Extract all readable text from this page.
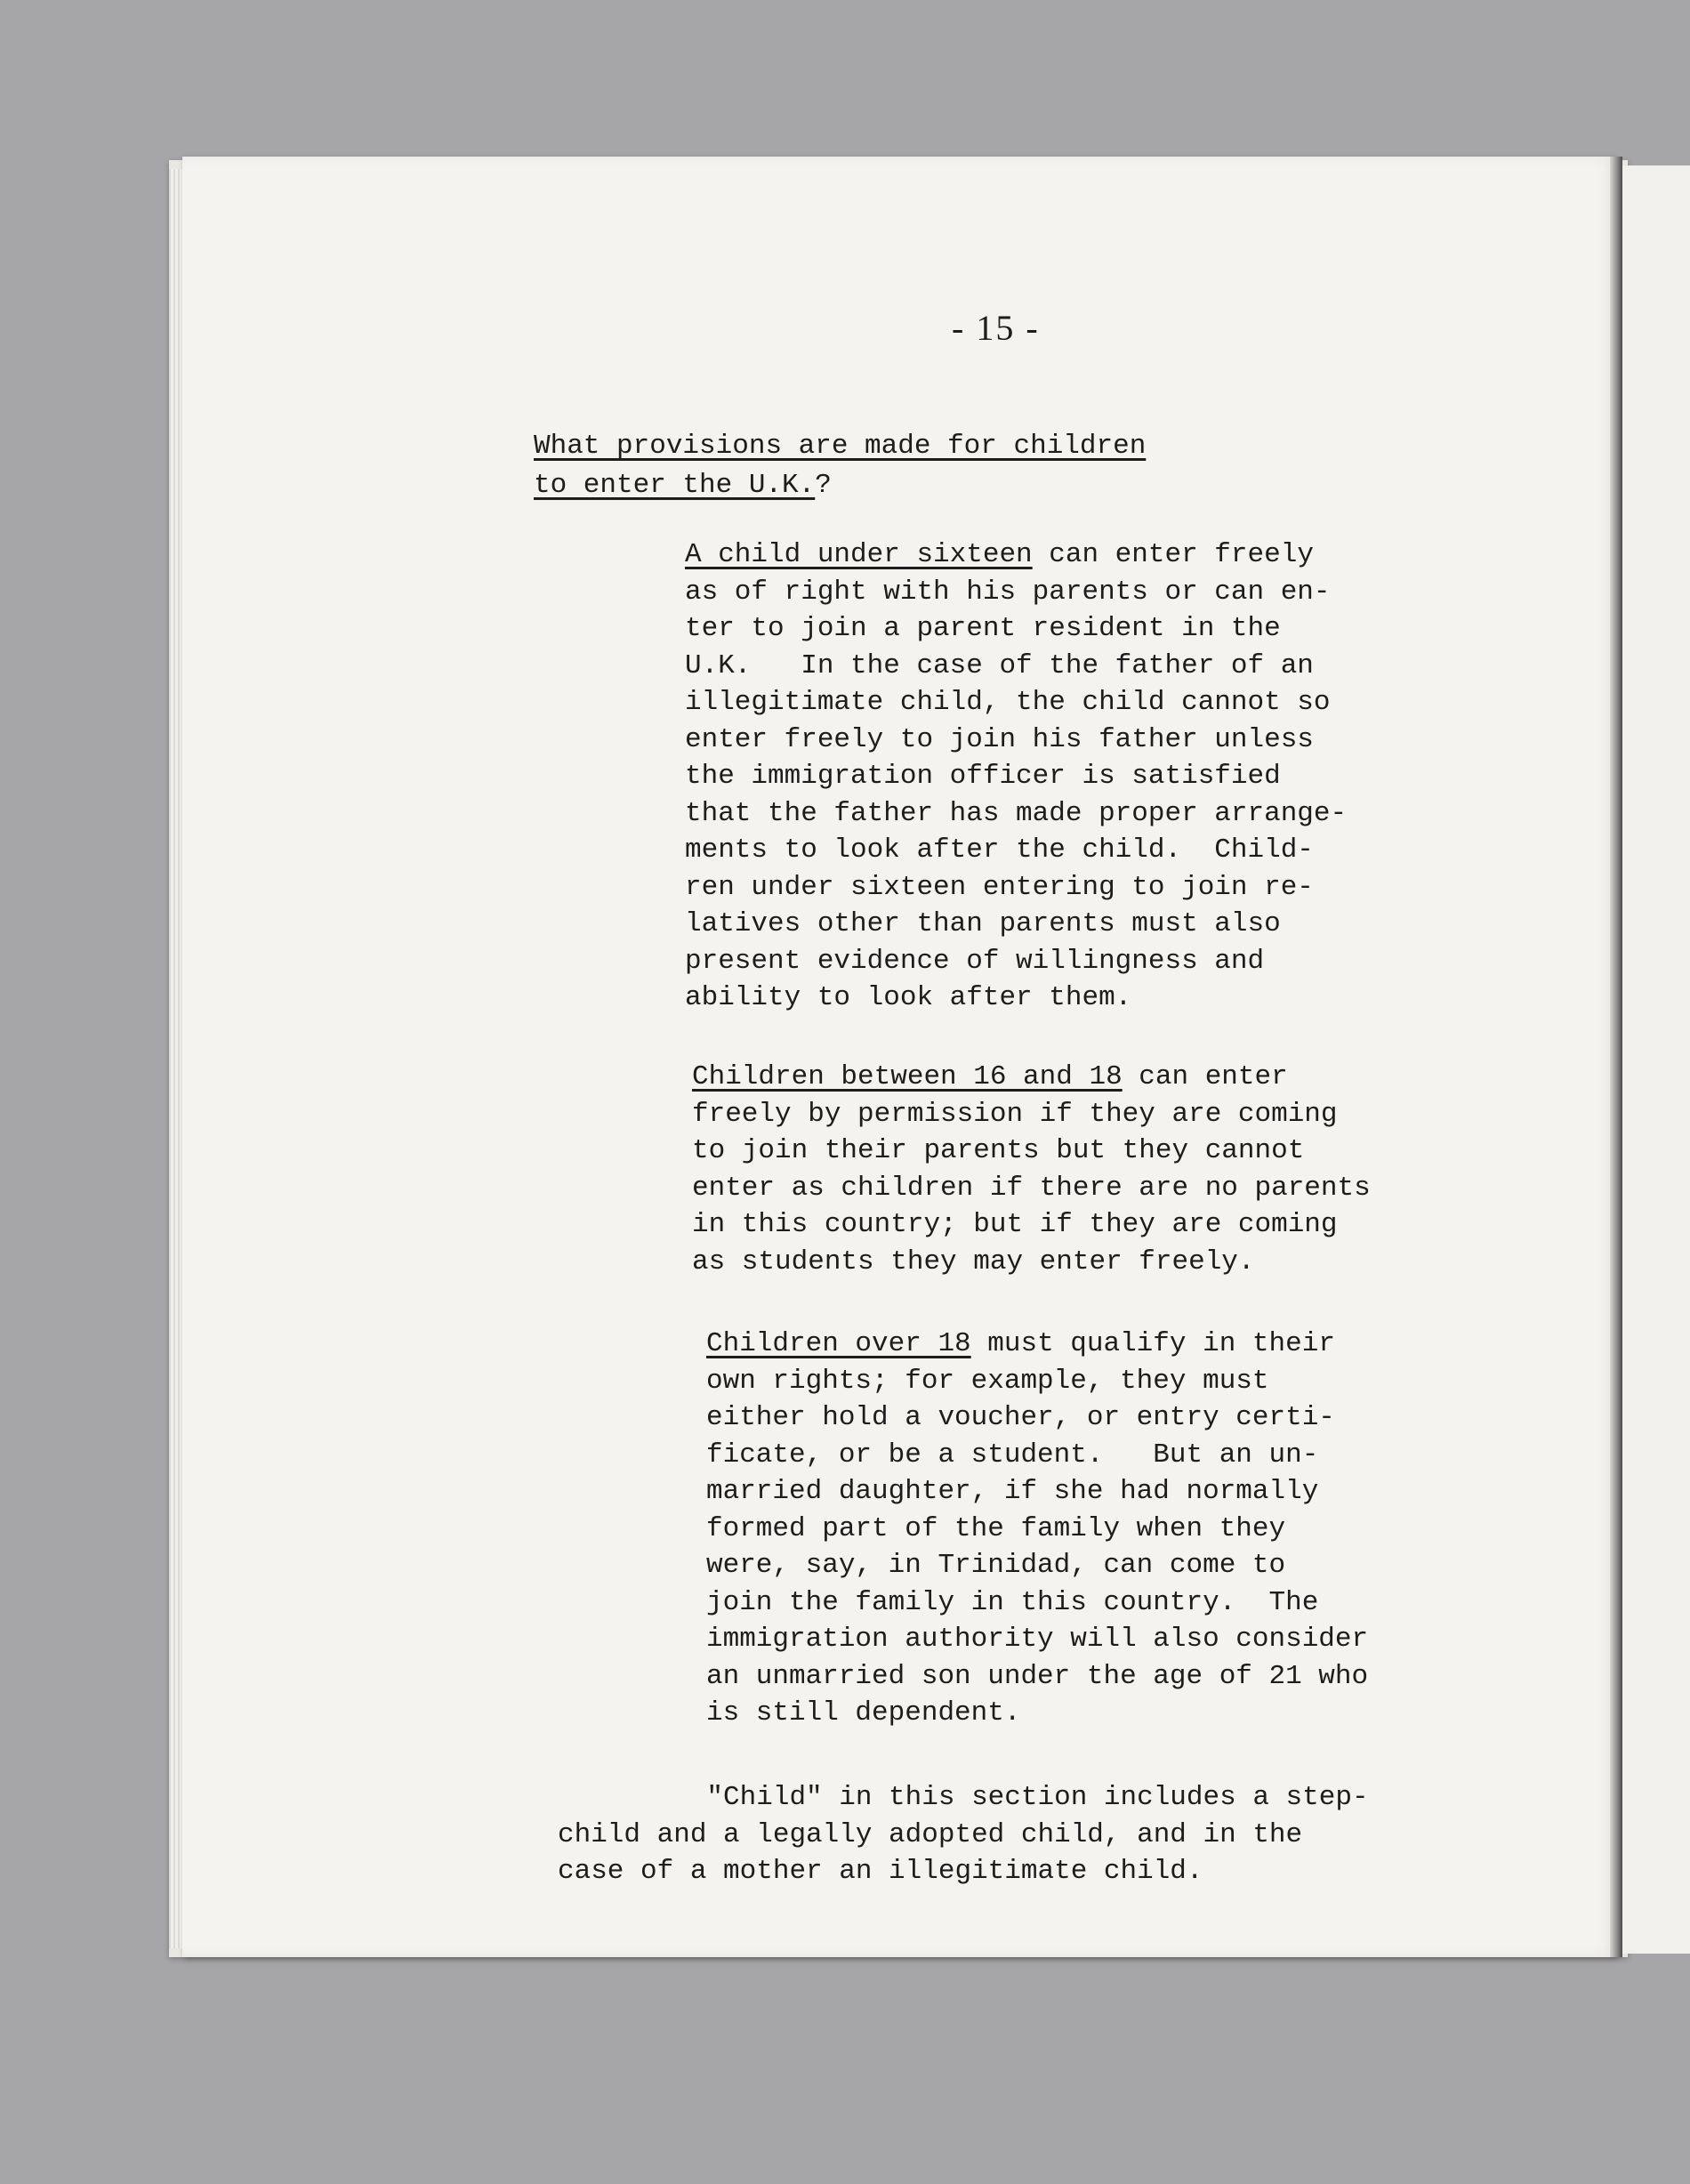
- 15 -
What provisions are made for children
to enter the U.K.?
A child under sixteen can enter freely
as of right with his parents or can en-
ter to join a parent resident in the
U.K.   In the case of the father of an
illegitimate child, the child cannot so
enter freely to join his father unless
the immigration officer is satisfied
that the father has made proper arrange-
ments to look after the child.  Child-
ren under sixteen entering to join re-
latives other than parents must also
present evidence of willingness and
ability to look after them.
Children between 16 and 18 can enter
freely by permission if they are coming
to join their parents but they cannot
enter as children if there are no parents
in this country; but if they are coming
as students they may enter freely.
Children over 18 must qualify in their
own rights; for example, they must
either hold a voucher, or entry certi-
ficate, or be a student.   But an un-
married daughter, if she had normally
formed part of the family when they
were, say, in Trinidad, can come to
join the family in this country.  The
immigration authority will also consider
an unmarried son under the age of 21 who
is still dependent.
"Child" in this section includes a step-
child and a legally adopted child, and in the
case of a mother an illegitimate child.
